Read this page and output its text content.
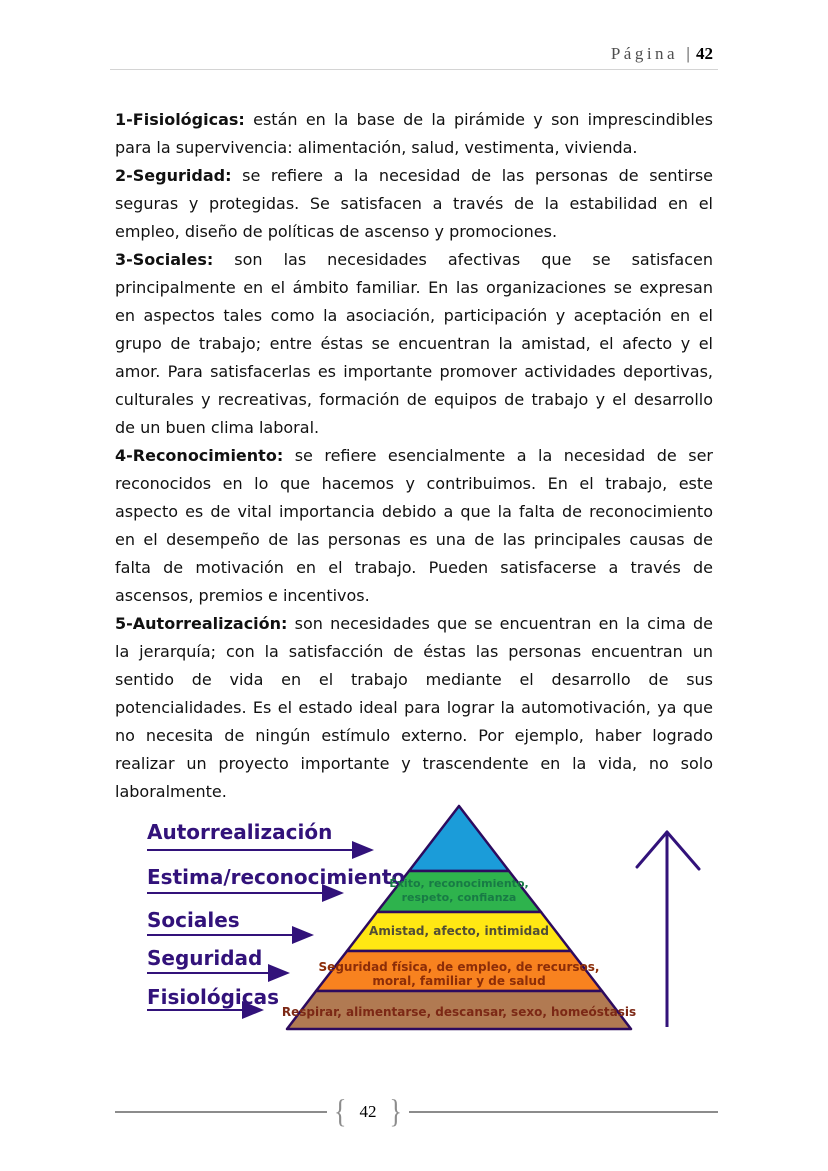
Página | 42

1-Fisiológicas: están en la base de la pirámide y son imprescindibles para la supervivencia: alimentación, salud, vestimenta, vivienda.

2-Seguridad: se refiere a la necesidad de las personas de sentirse seguras y protegidas. Se satisfacen a través de la estabilidad en el empleo, diseño de políticas de ascenso y promociones.

3-Sociales: son las necesidades afectivas que se satisfacen principalmente en el ámbito familiar. En las organizaciones se expresan en aspectos tales como la asociación, participación y aceptación en el grupo de trabajo; entre éstas se encuentran la amistad, el afecto y el amor. Para satisfacerlas es importante promover actividades deportivas, culturales y recreativas, formación de equipos de trabajo y el desarrollo de un buen clima laboral.

4-Reconocimiento: se refiere esencialmente a la necesidad de ser reconocidos en lo que hacemos y contribuimos. En el trabajo, este aspecto es de vital importancia debido a que la falta de reconocimiento en el desempeño de las personas es una de las principales causas de falta de motivación en el trabajo. Pueden satisfacerse a través de ascensos, premios e incentivos.

5-Autorrealización: son necesidades que se encuentran en la cima de la jerarquía; con la satisfacción de éstas las personas encuentran un sentido de vida en el trabajo mediante el desarrollo de sus potencialidades. Es el estado ideal para lograr la automotivación, ya que no necesita de ningún estímulo externo. Por ejemplo, haber logrado realizar un proyecto importante y trascendente en la vida, no solo laboralmente.

Autorrealización
Estima/reconocimiento
Sociales
Seguridad
Fisiológicas
Éxito, reconocimiento,
respeto, confianza
Amistad, afecto, intimidad
Seguridad física, de empleo, de recursos,
moral, familiar y de salud
Respirar, alimentarse, descansar, sexo, homeóstasis
{ 42 }
